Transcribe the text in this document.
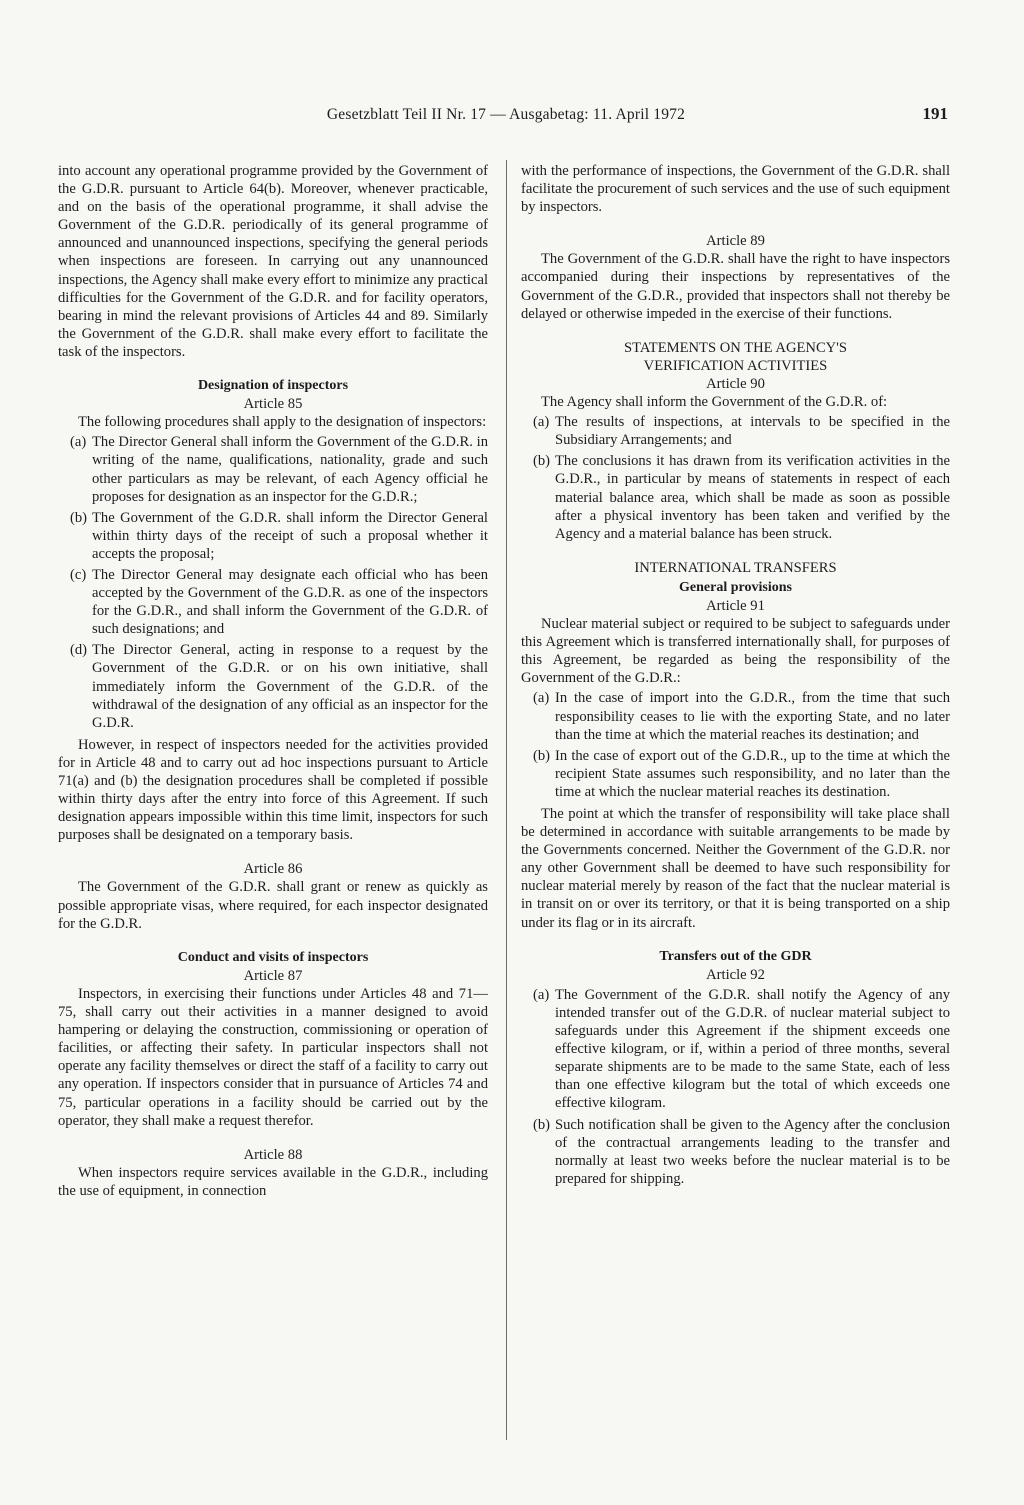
Gesetzblatt Teil II Nr. 17 — Ausgabetag: 11. April 1972	191

into account any operational programme provided by the Government of the G.D.R. pursuant to Article 64(b). Moreover, whenever practicable, and on the basis of the operational programme, it shall advise the Government of the G.D.R. periodically of its general programme of announced and unannounced inspections, specifying the general periods when inspections are foreseen. In carrying out any unannounced inspections, the Agency shall make every effort to minimize any practical difficulties for the Government of the G.D.R. and for facility operators, bearing in mind the relevant provisions of Articles 44 and 89. Similarly the Government of the G.D.R. shall make every effort to facilitate the task of the inspectors.

Designation of inspectors

Article 85

The following procedures shall apply to the designation of inspectors:

(a) The Director General shall inform the Government of the G.D.R. in writing of the name, qualifications, nationality, grade and such other particulars as may be relevant, of each Agency official he proposes for designation as an inspector for the G.D.R.;
(b) The Government of the G.D.R. shall inform the Director General within thirty days of the receipt of such a proposal whether it accepts the proposal;
(c) The Director General may designate each official who has been accepted by the Government of the G.D.R. as one of the inspectors for the G.D.R., and shall inform the Government of the G.D.R. of such designations; and
(d) The Director General, acting in response to a request by the Government of the G.D.R. or on his own initiative, shall immediately inform the Government of the G.D.R. of the withdrawal of the designation of any official as an inspector for the G.D.R.

However, in respect of inspectors needed for the activities provided for in Article 48 and to carry out ad hoc inspections pursuant to Article 71(a) and (b) the designation procedures shall be completed if possible within thirty days after the entry into force of this Agreement. If such designation appears impossible within this time limit, inspectors for such purposes shall be designated on a temporary basis.

Article 86

The Government of the G.D.R. shall grant or renew as quickly as possible appropriate visas, where required, for each inspector designated for the G.D.R.

Conduct and visits of inspectors

Article 87

Inspectors, in exercising their functions under Articles 48 and 71—75, shall carry out their activities in a manner designed to avoid hampering or delaying the construction, commissioning or operation of facilities, or affecting their safety. In particular inspectors shall not operate any facility themselves or direct the staff of a facility to carry out any operation. If inspectors consider that in pursuance of Articles 74 and 75, particular operations in a facility should be carried out by the operator, they shall make a request therefor.

Article 88

When inspectors require services available in the G.D.R., including the use of equipment, in connection

with the performance of inspections, the Government of the G.D.R. shall facilitate the procurement of such services and the use of such equipment by inspectors.

Article 89

The Government of the G.D.R. shall have the right to have inspectors accompanied during their inspections by representatives of the Government of the G.D.R., provided that inspectors shall not thereby be delayed or otherwise impeded in the exercise of their functions.

STATEMENTS ON THE AGENCY'S

VERIFICATION ACTIVITIES

Article 90

The Agency shall inform the Government of the G.D.R. of:

(a) The results of inspections, at intervals to be specified in the Subsidiary Arrangements; and
(b) The conclusions it has drawn from its verification activities in the G.D.R., in particular by means of statements in respect of each material balance area, which shall be made as soon as possible after a physical inventory has been taken and verified by the Agency and a material balance has been struck.

INTERNATIONAL TRANSFERS

General provisions

Article 91

Nuclear material subject or required to be subject to safeguards under this Agreement which is transferred internationally shall, for purposes of this Agreement, be regarded as being the responsibility of the Government of the G.D.R.:

(a) In the case of import into the G.D.R., from the time that such responsibility ceases to lie with the exporting State, and no later than the time at which the material reaches its destination; and
(b) In the case of export out of the G.D.R., up to the time at which the recipient State assumes such responsibility, and no later than the time at which the nuclear material reaches its destination.

The point at which the transfer of responsibility will take place shall be determined in accordance with suitable arrangements to be made by the Governments concerned. Neither the Government of the G.D.R. nor any other Government shall be deemed to have such responsibility for nuclear material merely by reason of the fact that the nuclear material is in transit on or over its territory, or that it is being transported on a ship under its flag or in its aircraft.

Transfers out of the GDR

Article 92

(a) The Government of the G.D.R. shall notify the Agency of any intended transfer out of the G.D.R. of nuclear material subject to safeguards under this Agreement if the shipment exceeds one effective kilogram, or if, within a period of three months, several separate shipments are to be made to the same State, each of less than one effective kilogram but the total of which exceeds one effective kilogram.
(b) Such notification shall be given to the Agency after the conclusion of the contractual arrangements leading to the transfer and normally at least two weeks before the nuclear material is to be prepared for shipping.
